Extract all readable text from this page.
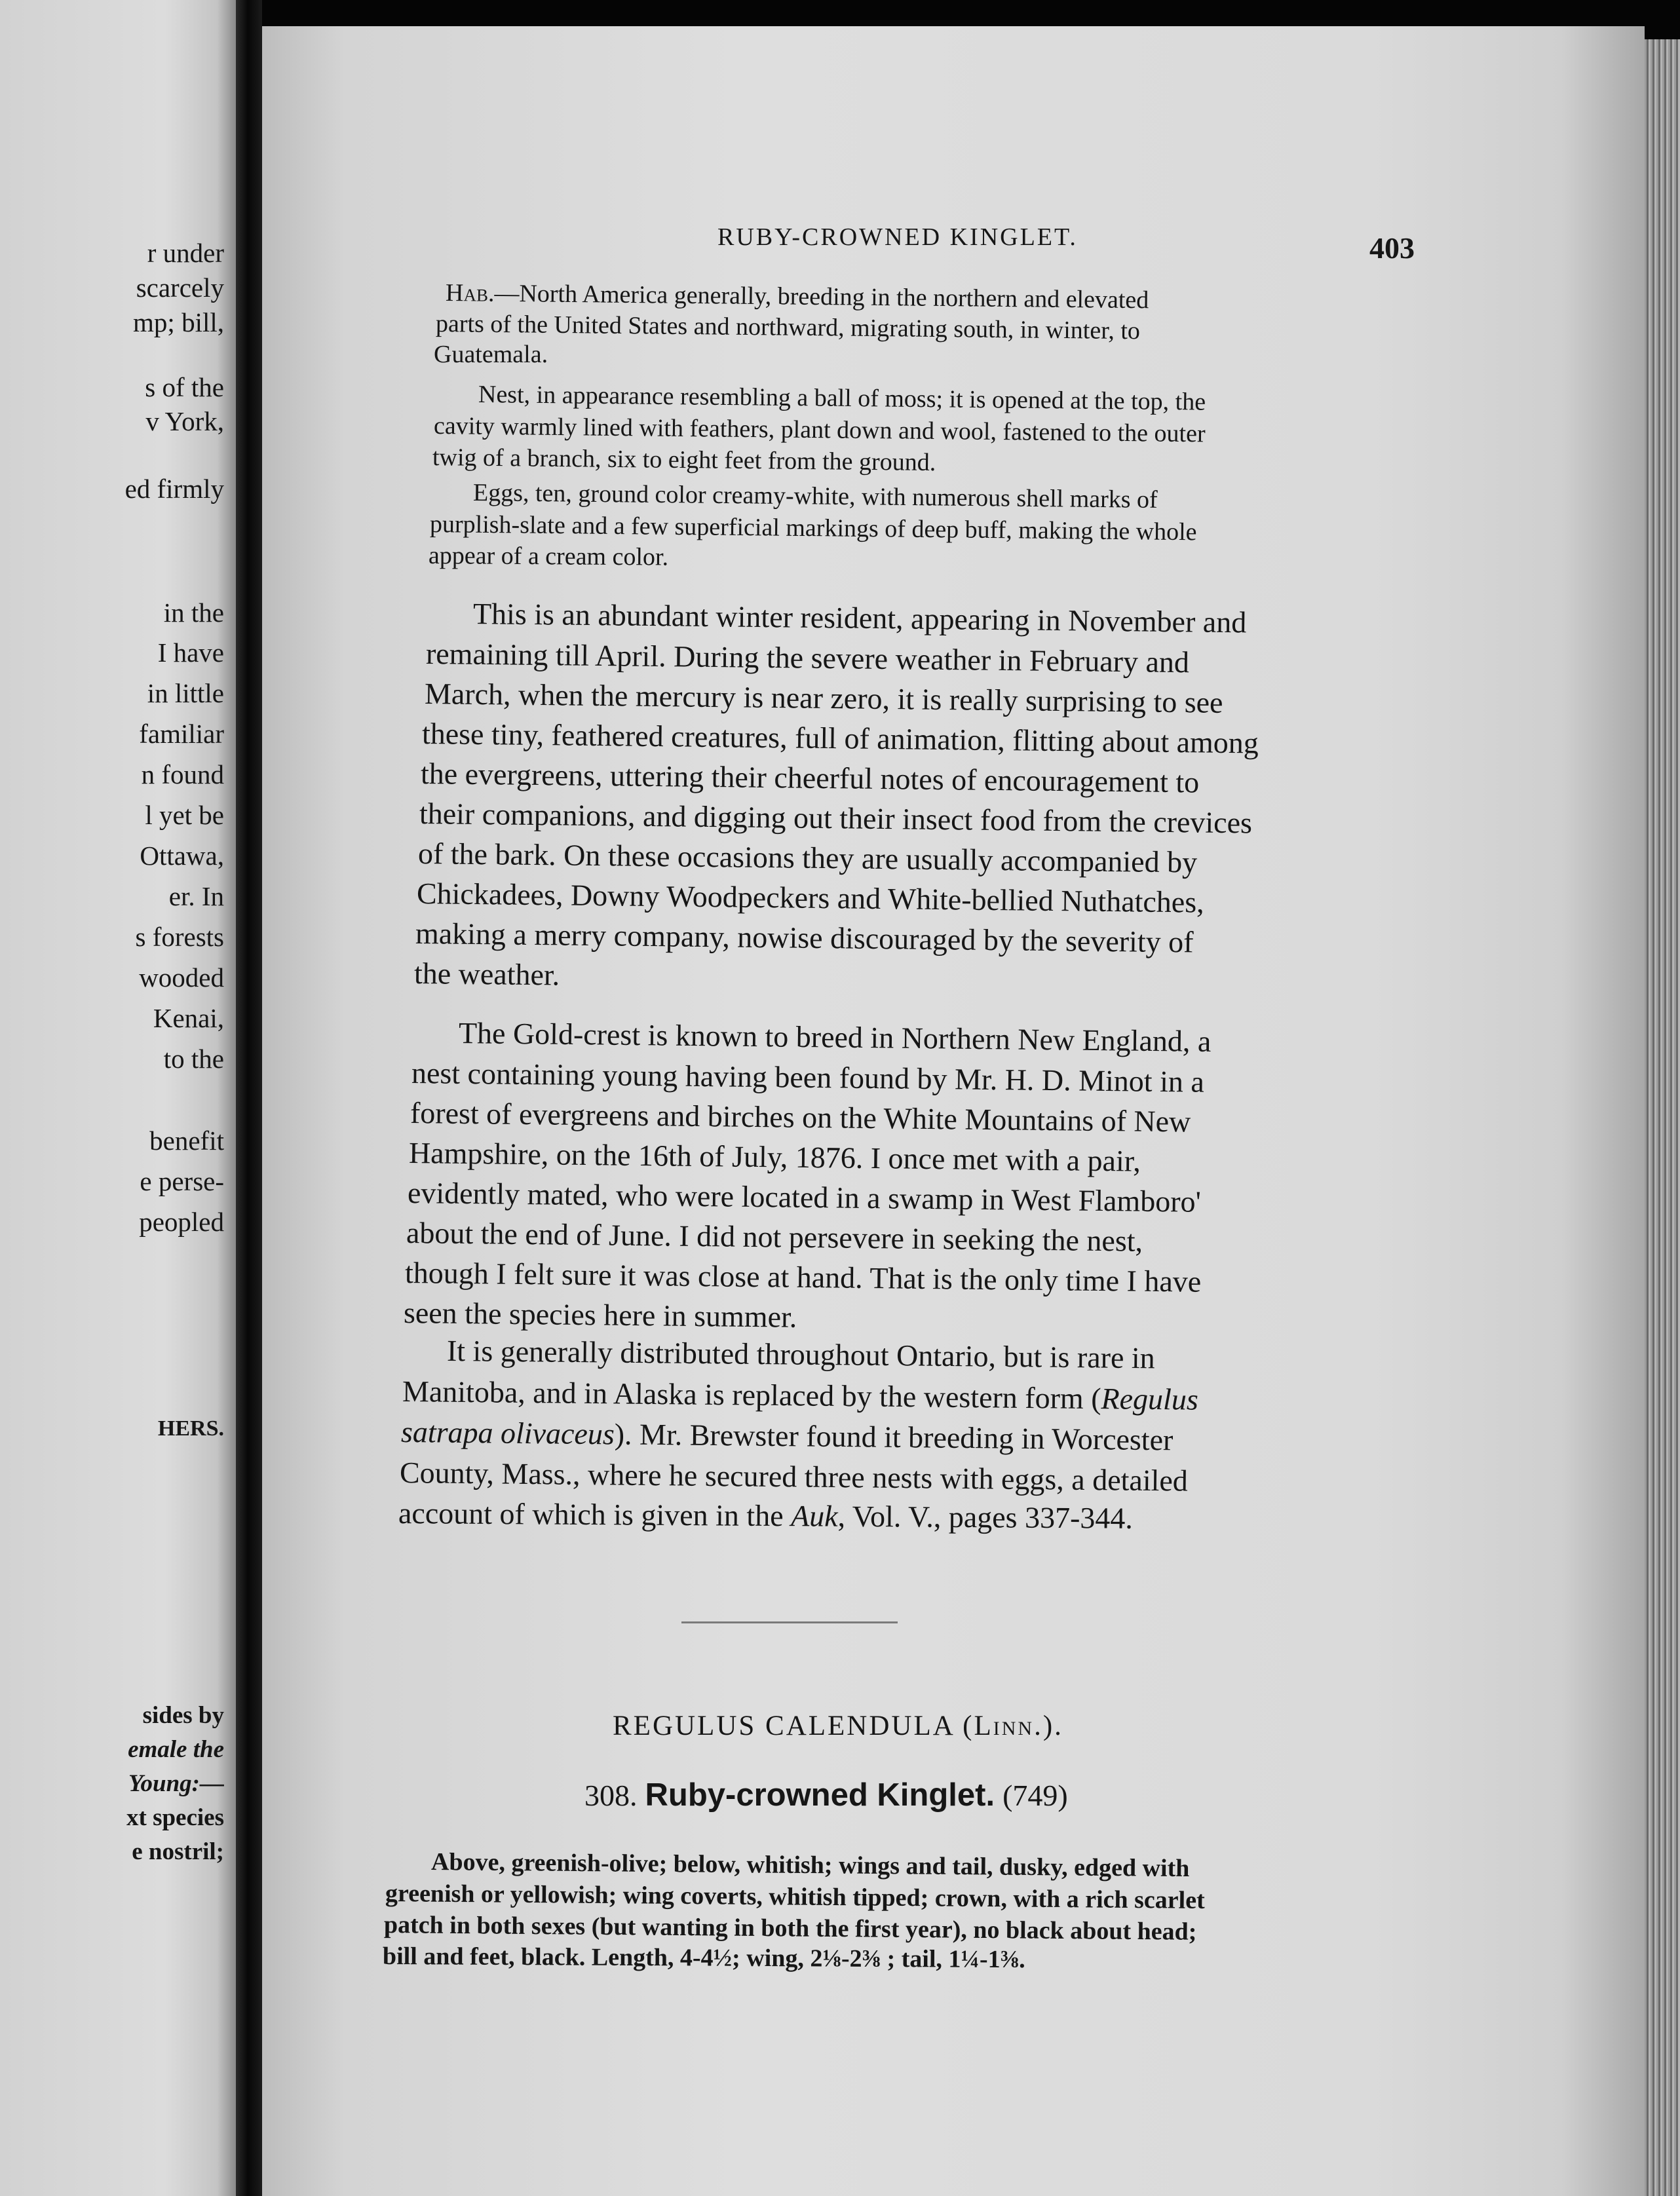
r under
scarcely
mp; bill,
s of the
v York,
ed firmly
in the
I have
in little
familiar
n found
l yet be
Ottawa,
er. In
s forests
wooded
Kenai,
to the
benefit
e perse-
peopled
HERS.
sides by
emale the
Young:—
xt species
e nostril;
RUBY-CROWNED KINGLET.	403
Hab.—North America generally, breeding in the northern and elevated
parts of the United States and northward, migrating south, in winter, to
Guatemala.
Nest, in appearance resembling a ball of moss; it is opened at the top, the
cavity warmly lined with feathers, plant down and wool, fastened to the outer
twig of a branch, six to eight feet from the ground.
Eggs, ten, ground color creamy-white, with numerous shell marks of
purplish-slate and a few superficial markings of deep buff, making the whole
appear of a cream color.
This is an abundant winter resident, appearing in November and
remaining till April. During the severe weather in February and
March, when the mercury is near zero, it is really surprising to see
these tiny, feathered creatures, full of animation, flitting about among
the evergreens, uttering their cheerful notes of encouragement to
their companions, and digging out their insect food from the crevices
of the bark. On these occasions they are usually accompanied by
Chickadees, Downy Woodpeckers and White-bellied Nuthatches,
making a merry company, nowise discouraged by the severity of
the weather.
The Gold-crest is known to breed in Northern New England, a
nest containing young having been found by Mr. H. D. Minot in a
forest of evergreens and birches on the White Mountains of New
Hampshire, on the 16th of July, 1876. I once met with a pair,
evidently mated, who were located in a swamp in West Flamboro'
about the end of June. I did not persevere in seeking the nest,
though I felt sure it was close at hand. That is the only time I have
seen the species here in summer.
It is generally distributed throughout Ontario, but is rare in
Manitoba, and in Alaska is replaced by the western form (Regulus
satrapa olivaceus). Mr. Brewster found it breeding in Worcester
County, Mass., where he secured three nests with eggs, a detailed
account of which is given in the Auk, Vol. V., pages 337-344.
REGULUS CALENDULA (Linn.).
308. Ruby-crowned Kinglet. (749)
Above, greenish-olive; below, whitish; wings and tail, dusky, edged with
greenish or yellowish; wing coverts, whitish tipped; crown, with a rich scarlet
patch in both sexes (but wanting in both the first year), no black about head;
bill and feet, black. Length, 4-4½; wing, 2⅛-2⅜ ; tail, 1¼-1⅜.
